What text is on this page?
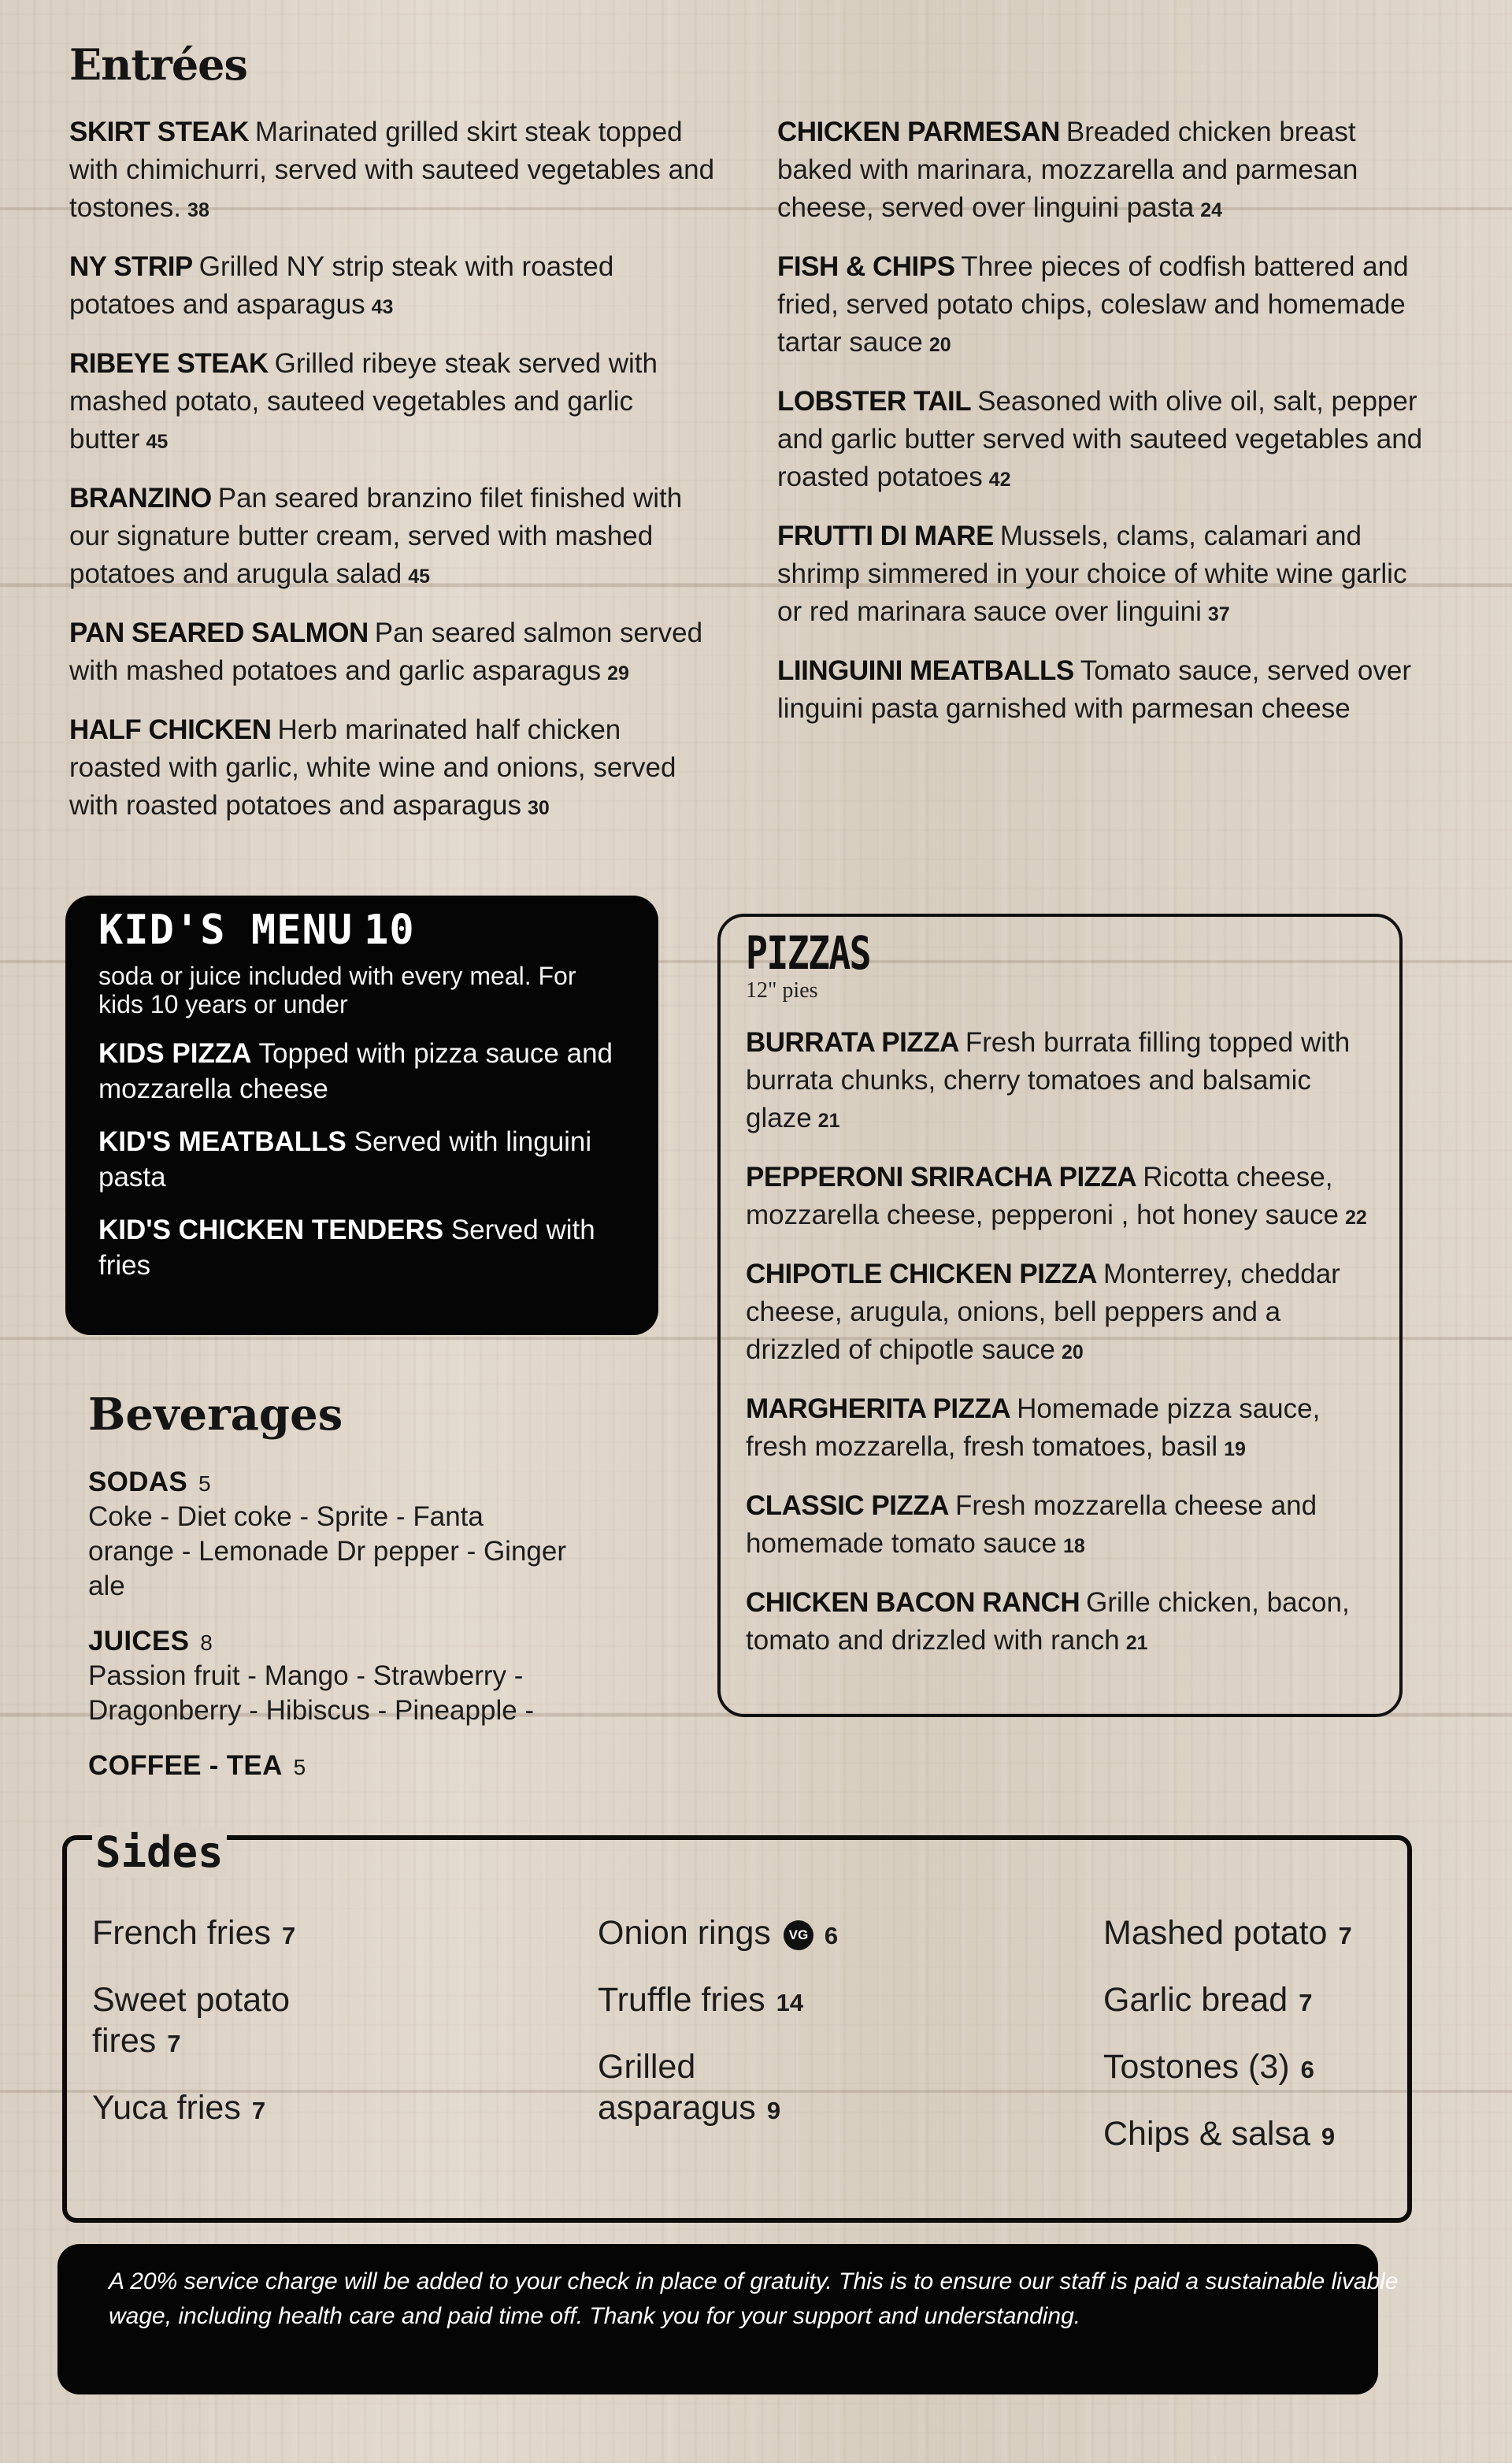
Entrées

SKIRT STEAK Marinated grilled skirt steak topped with chimichurri, served with sauteed vegetables and tostones. 38

NY STRIP Grilled NY strip steak with roasted potatoes and asparagus 43

RIBEYE STEAK Grilled ribeye steak served with mashed potato, sauteed vegetables and garlic butter 45

BRANZINO Pan seared branzino filet finished with our signature butter cream, served with mashed potatoes and arugula salad 45

PAN SEARED SALMON Pan seared salmon served with mashed potatoes and garlic asparagus 29

HALF CHICKEN Herb marinated half chicken roasted with garlic, white wine and onions, served with roasted potatoes and asparagus 30

CHICKEN PARMESAN Breaded chicken breast baked with marinara, mozzarella and parmesan cheese, served over linguini pasta 24

FISH & CHIPS Three pieces of codfish battered and fried, served potato chips, coleslaw and homemade tartar sauce 20

LOBSTER TAIL Seasoned with olive oil, salt, pepper and garlic butter served with sauteed vegetables and roasted potatoes 42

FRUTTI DI MARE Mussels, clams, calamari and shrimp simmered in your choice of white wine garlic or red marinara sauce over linguini 37

LIINGUINI MEATBALLS Tomato sauce, served over linguini pasta garnished with parmesan cheese

KID'S MENU 10

soda or juice included with every meal. For kids 10 years or under

KIDS PIZZA Topped with pizza sauce and mozzarella cheese

KID'S MEATBALLS Served with linguini pasta

KID'S CHICKEN TENDERS Served with fries

PIZZAS

12" pies

BURRATA PIZZA Fresh burrata filling topped with burrata chunks, cherry tomatoes and balsamic glaze 21

PEPPERONI SRIRACHA PIZZA Ricotta cheese, mozzarella cheese, pepperoni , hot honey sauce 22

CHIPOTLE CHICKEN PIZZA Monterrey, cheddar cheese, arugula, onions, bell peppers and a drizzled of chipotle sauce 20

MARGHERITA PIZZA Homemade pizza sauce, fresh mozzarella, fresh tomatoes, basil 19

CLASSIC PIZZA Fresh mozzarella cheese and homemade tomato sauce 18

CHICKEN BACON RANCH Grille chicken, bacon, tomato and drizzled with ranch 21

Beverages
SODAS 5

Coke - Diet coke - Sprite - Fanta orange - Lemonade Dr pepper - Ginger ale

JUICES 8

Passion fruit - Mango - Strawberry - Dragonberry - Hibiscus - Pineapple -

COFFEE - TEA 5
Sides

French fries 7

Sweet potato fires 7

Yuca fries 7

Onion rings VG 6

Truffle fries 14

Grilled asparagus 9

Mashed potato 7

Garlic bread 7

Tostones (3) 6

Chips & salsa 9

A 20% service charge will be added to your check in place of gratuity. This is to ensure our staff is paid a sustainable livable wage, including health care and paid time off. Thank you for your support and understanding.
